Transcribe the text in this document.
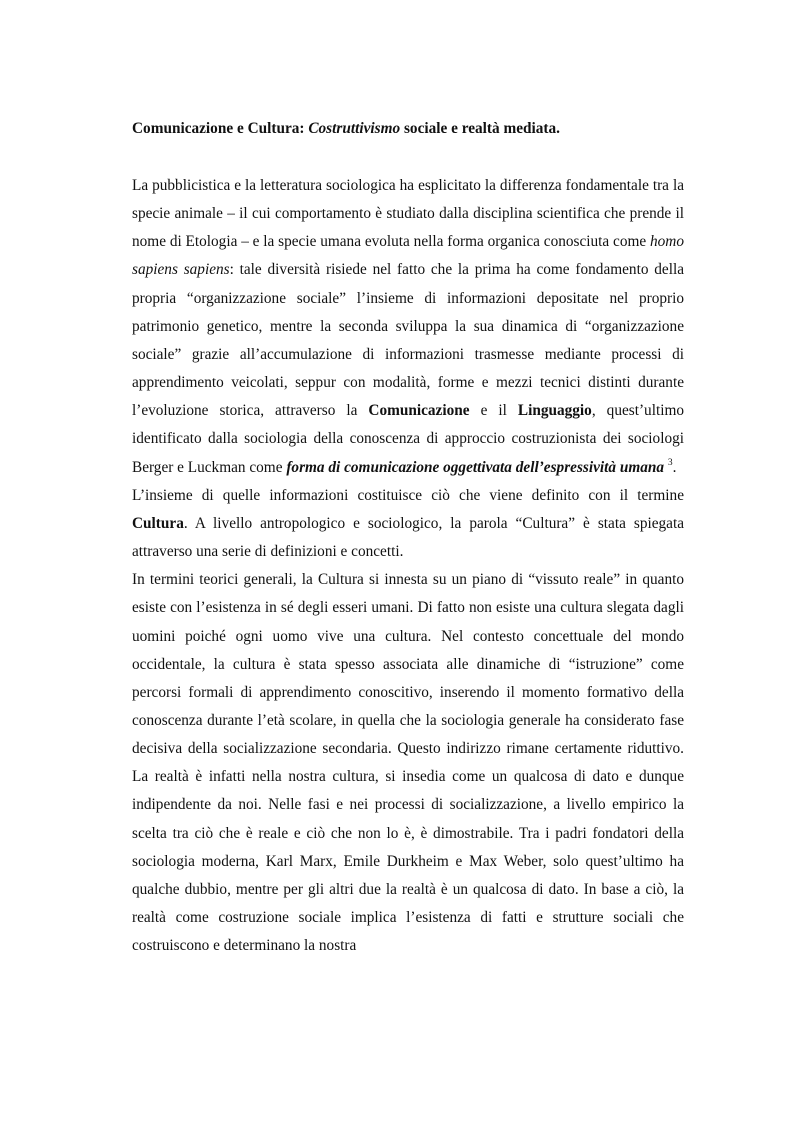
Comunicazione e Cultura: Costruttivismo sociale e realtà mediata.

La pubblicistica e la letteratura sociologica ha esplicitato la differenza fondamentale tra la specie animale – il cui comportamento è studiato dalla disciplina scientifica che prende il nome di Etologia – e la specie umana evoluta nella forma organica conosciuta come homo sapiens sapiens: tale diversità risiede nel fatto che la prima ha come fondamento della propria “organizzazione sociale” l’insieme di informazioni depositate nel proprio patrimonio genetico, mentre la seconda sviluppa la sua dinamica di “organizzazione sociale” grazie all’accumulazione di informazioni trasmesse mediante processi di apprendimento veicolati, seppur con modalità, forme e mezzi tecnici distinti durante l’evoluzione storica, attraverso la Comunicazione e il Linguaggio, quest’ultimo identificato dalla sociologia della conoscenza di approccio costruzionista dei sociologi Berger e Luckman come forma di comunicazione oggettivata dell’espressività umana $^3$.

L’insieme di quelle informazioni costituisce ciò che viene definito con il termine Cultura. A livello antropologico e sociologico, la parola “Cultura” è stata spiegata attraverso una serie di definizioni e concetti.

In termini teorici generali, la Cultura si innesta su un piano di “vissuto reale” in quanto esiste con l’esistenza in sé degli esseri umani. Di fatto non esiste una cultura slegata dagli uomini poiché ogni uomo vive una cultura. Nel contesto concettuale del mondo occidentale, la cultura è stata spesso associata alle dinamiche di “istruzione” come percorsi formali di apprendimento conoscitivo, inserendo il momento formativo della conoscenza durante l’età scolare, in quella che la sociologia generale ha considerato fase decisiva della socializzazione secondaria. Questo indirizzo rimane certamente riduttivo. La realtà è infatti nella nostra cultura, si insedia come un qualcosa di dato e dunque indipendente da noi. Nelle fasi e nei processi di socializzazione, a livello empirico la scelta tra ciò che è reale e ciò che non lo è, è dimostrabile. Tra i padri fondatori della sociologia moderna, Karl Marx, Emile Durkheim e Max Weber, solo quest’ultimo ha qualche dubbio, mentre per gli altri due la realtà è un qualcosa di dato. In base a ciò, la realtà come costruzione sociale implica l’esistenza di fatti e strutture sociali che costruiscono e determinano la nostra
